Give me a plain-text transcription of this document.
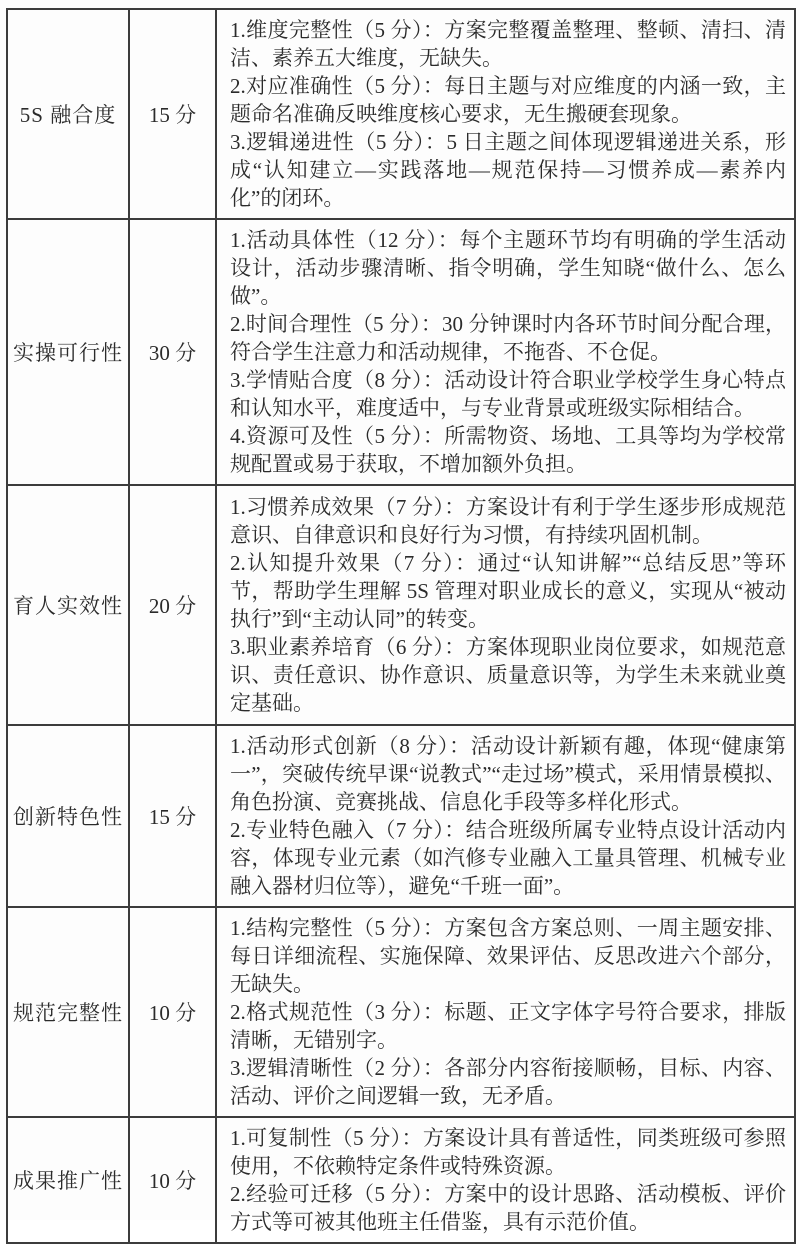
5S 融合度	15 分	1.维度完整性（5 分）：方案完整覆盖整理、整顿、清扫、清洁、素养五大维度，无缺失。

2.对应准确性（5 分）：每日主题与对应维度的内涵一致，主题命名准确反映维度核心要求，无生搬硬套现象。

3.逻辑递进性（5 分）：5 日主题之间体现逻辑递进关系，形成“认知建立—实践落地—规范保持—习惯养成—素养内化”的闭环。

实操可行性	30 分	1.活动具体性（12 分）：每个主题环节均有明确的学生活动设计，活动步骤清晰、指令明确，学生知晓“做什么、怎么做”。

2.时间合理性（5 分）：30 分钟课时内各环节时间分配合理，符合学生注意力和活动规律，不拖沓、不仓促。

3.学情贴合度（8 分）：活动设计符合职业学校学生身心特点和认知水平，难度适中，与专业背景或班级实际相结合。

4.资源可及性（5 分）：所需物资、场地、工具等均为学校常规配置或易于获取，不增加额外负担。

育人实效性	20 分	1.习惯养成效果（7 分）：方案设计有利于学生逐步形成规范意识、自律意识和良好行为习惯，有持续巩固机制。

2.认知提升效果（7 分）：通过“认知讲解”“总结反思”等环节，帮助学生理解 5S 管理对职业成长的意义，实现从“被动执行”到“主动认同”的转变。

3.职业素养培育（6 分）：方案体现职业岗位要求，如规范意识、责任意识、协作意识、质量意识等，为学生未来就业奠定基础。

创新特色性	15 分	1.活动形式创新（8 分）：活动设计新颖有趣，体现“健康第一”，突破传统早课“说教式”“走过场”模式，采用情景模拟、角色扮演、竞赛挑战、信息化手段等多样化形式。

2.专业特色融入（7 分）：结合班级所属专业特点设计活动内容，体现专业元素（如汽修专业融入工量具管理、机械专业融入器材归位等），避免“千班一面”。

规范完整性	10 分	1.结构完整性（5 分）：方案包含方案总则、一周主题安排、每日详细流程、实施保障、效果评估、反思改进六个部分，无缺失。

2.格式规范性（3 分）：标题、正文字体字号符合要求，排版清晰，无错别字。

3.逻辑清晰性（2 分）：各部分内容衔接顺畅，目标、内容、活动、评价之间逻辑一致，无矛盾。

成果推广性	10 分	1.可复制性（5 分）：方案设计具有普适性，同类班级可参照使用，不依赖特定条件或特殊资源。

2.经验可迁移（5 分）：方案中的设计思路、活动模板、评价方式等可被其他班主任借鉴，具有示范价值。
